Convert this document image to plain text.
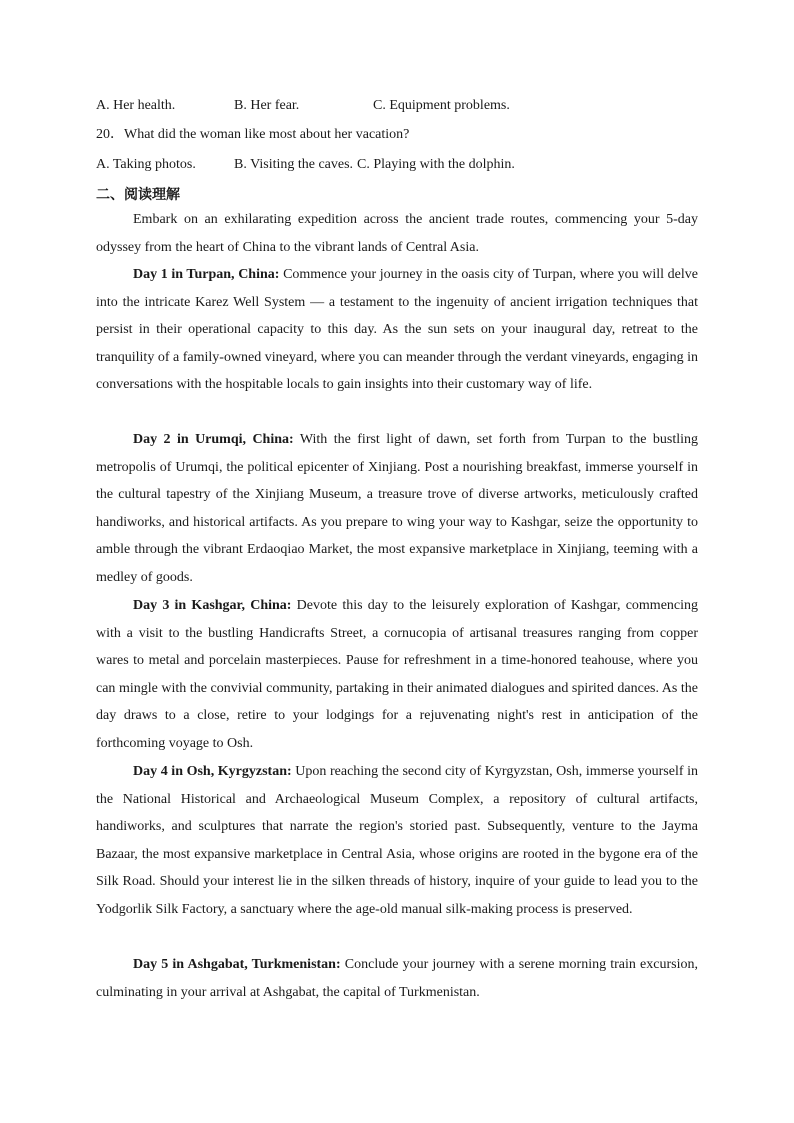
A. Her health.	B. Her fear.	C. Equipment problems.
20．What did the woman like most about her vacation?
A. Taking photos.	B. Visiting the caves. C. Playing with the dolphin.
二、阅读理解

Embark on an exhilarating expedition across the ancient trade routes, commencing your 5-day odyssey from the heart of China to the vibrant lands of Central Asia.

Day 1 in Turpan, China: Commence your journey in the oasis city of Turpan, where you will delve into the intricate Karez Well System — a testament to the ingenuity of ancient irrigation techniques that persist in their operational capacity to this day. As the sun sets on your inaugural day, retreat to the tranquility of a family-owned vineyard, where you can meander through the verdant vineyards, engaging in conversations with the hospitable locals to gain insights into their customary way of life.

Day 2 in Urumqi, China: With the first light of dawn, set forth from Turpan to the bustling metropolis of Urumqi, the political epicenter of Xinjiang. Post a nourishing breakfast, immerse yourself in the cultural tapestry of the Xinjiang Museum, a treasure trove of diverse artworks, meticulously crafted handiworks, and historical artifacts. As you prepare to wing your way to Kashgar, seize the opportunity to amble through the vibrant Erdaoqiao Market, the most expansive marketplace in Xinjiang, teeming with a medley of goods.

Day 3 in Kashgar, China: Devote this day to the leisurely exploration of Kashgar, commencing with a visit to the bustling Handicrafts Street, a cornucopia of artisanal treasures ranging from copper wares to metal and porcelain masterpieces. Pause for refreshment in a time-honored teahouse, where you can mingle with the convivial community, partaking in their animated dialogues and spirited dances. As the day draws to a close, retire to your lodgings for a rejuvenating night's rest in anticipation of the forthcoming voyage to Osh.

Day 4 in Osh, Kyrgyzstan: Upon reaching the second city of Kyrgyzstan, Osh, immerse yourself in the National Historical and Archaeological Museum Complex, a repository of cultural artifacts, handiworks, and sculptures that narrate the region's storied past. Subsequently, venture to the Jayma Bazaar, the most expansive marketplace in Central Asia, whose origins are rooted in the bygone era of the Silk Road. Should your interest lie in the silken threads of history, inquire of your guide to lead you to the Yodgorlik Silk Factory, a sanctuary where the age-old manual silk-making process is preserved.

Day 5 in Ashgabat, Turkmenistan: Conclude your journey with a serene morning train excursion, culminating in your arrival at Ashgabat, the capital of Turkmenistan.
